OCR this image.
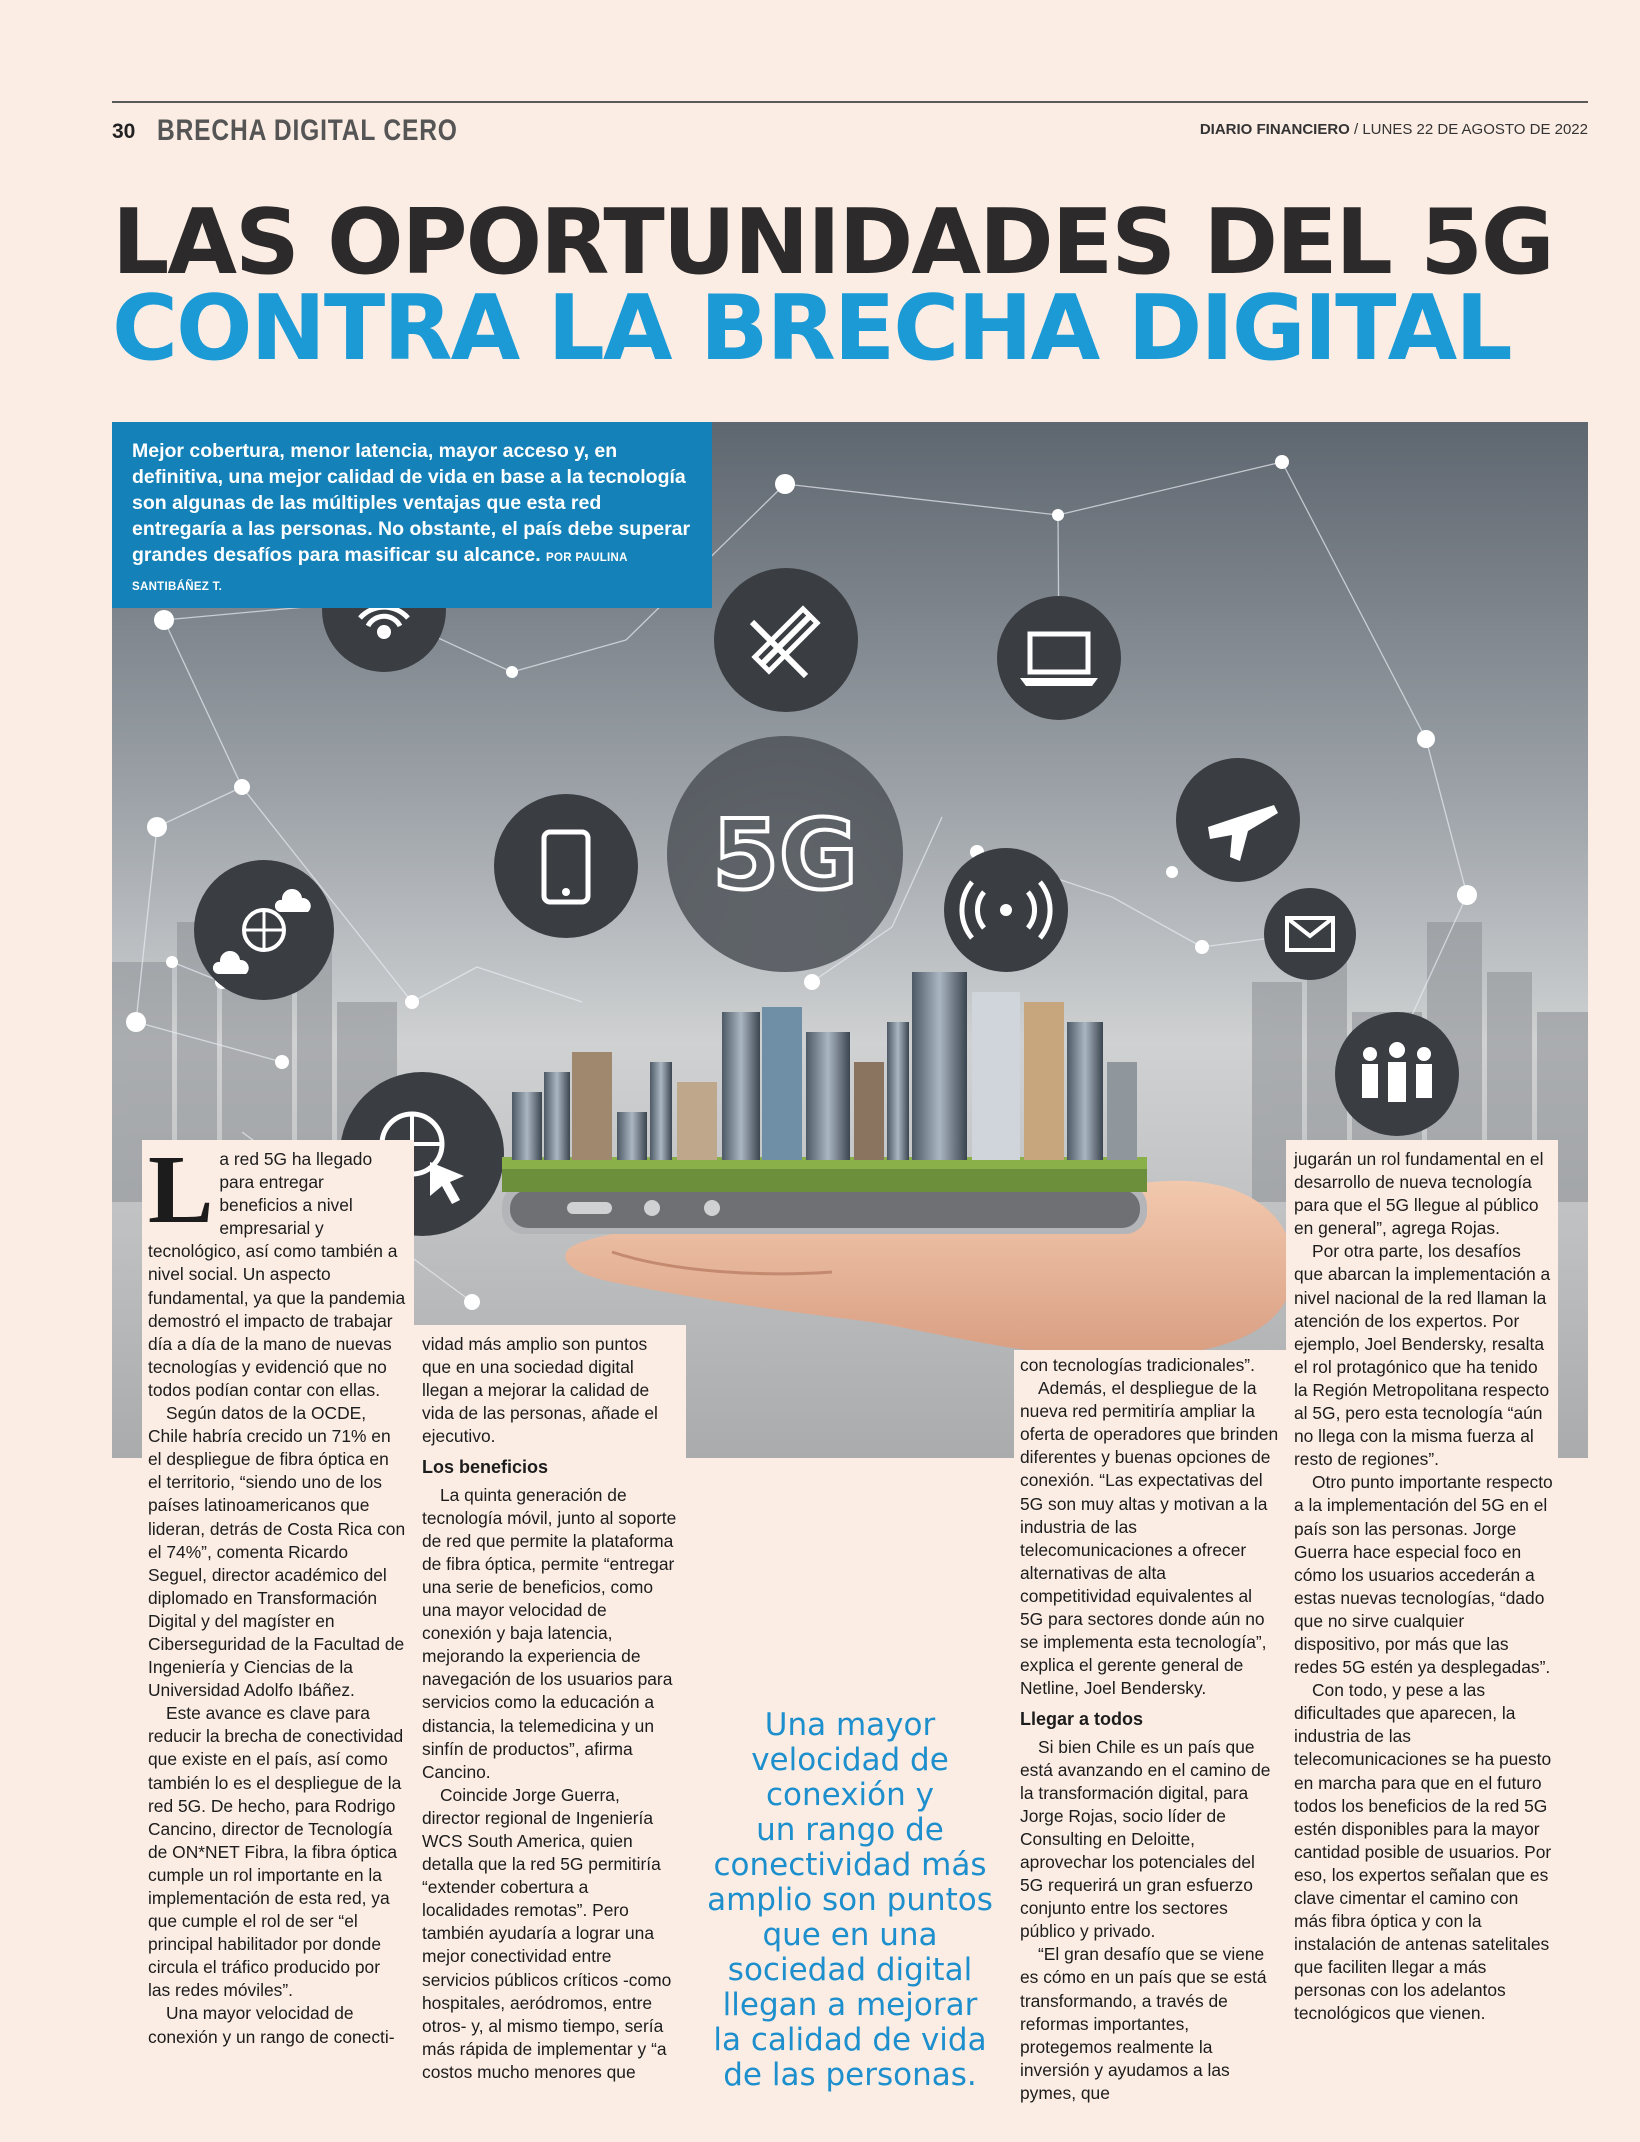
30 BRECHA DIGITAL CERO	DIARIO FINANCIERO / LUNES 22 DE AGOSTO DE 2022
LAS OPORTUNIDADES DEL 5G
CONTRA LA BRECHA DIGITAL
5G
Mejor cobertura, menor latencia, mayor acceso y, en definitiva, una mejor calidad de vida en base a la tecnología son algunas de las múltiples ventajas que esta red entregaría a las personas. No obstante, el país debe superar grandes desafíos para masificar su alcance. POR PAULINA SANTIBÁÑEZ T.

La red 5G ha llegado para entregar beneficios a nivel empresarial y tecnológico, así como también a nivel social. Un aspecto fundamental, ya que la pandemia demostró el impacto de trabajar día a día de la mano de nuevas tecnologías y evidenció que no todos podían contar con ellas.

Según datos de la OCDE, Chile habría crecido un 71% en el despliegue de fibra óptica en el territorio, “siendo uno de los países latinoamericanos que lideran, detrás de Costa Rica con el 74%”, comenta Ricardo Seguel, director académico del diplomado en Transformación Digital y del magíster en Ciberseguridad de la Facultad de Ingeniería y Ciencias de la Universidad Adolfo Ibáñez.

Este avance es clave para reducir la brecha de conectividad que existe en el país, así como también lo es el despliegue de la red 5G. De hecho, para Rodrigo Cancino, director de Tecnología de ON*NET Fibra, la fibra óptica cumple un rol importante en la implementación de esta red, ya que cumple el rol de ser “el principal habilitador por donde circula el tráfico producido por las redes móviles”.

Una mayor velocidad de conexión y un rango de conecti-

vidad más amplio son puntos que en una sociedad digital llegan a mejorar la calidad de vida de las personas, añade el ejecutivo.

Los beneficios

La quinta generación de tecnología móvil, junto al soporte de red que permite la plataforma de fibra óptica, permite “entregar una serie de beneficios, como una mayor velocidad de conexión y baja latencia, mejorando la experiencia de navegación de los usuarios para servicios como la educación a distancia, la telemedicina y un sinfín de productos”, afirma Cancino.

Coincide Jorge Guerra, director regional de Ingeniería WCS South America, quien detalla que la red 5G permitiría “extender cobertura a localidades remotas”. Pero también ayudaría a lograr una mejor conectividad entre servicios públicos críticos -como hospitales, aeródromos, entre otros- y, al mismo tiempo, sería más rápida de implementar y “a costos mucho menores que

Una mayor
velocidad de
conexión y
un rango de
conectividad más
amplio son puntos
que en una
sociedad digital
llegan a mejorar
la calidad de vida
de las personas.

con tecnologías tradicionales”.

Además, el despliegue de la nueva red permitiría ampliar la oferta de operadores que brinden diferentes y buenas opciones de conexión. “Las expectativas del 5G son muy altas y motivan a la industria de las telecomunicaciones a ofrecer alternativas de alta competitividad equivalentes al 5G para sectores donde aún no se implementa esta tecnología”, explica el gerente general de Netline, Joel Bendersky.

Llegar a todos

Si bien Chile es un país que está avanzando en el camino de la transformación digital, para Jorge Rojas, socio líder de Consulting en Deloitte, aprovechar los potenciales del 5G requerirá un gran esfuerzo conjunto entre los sectores público y privado.

“El gran desafío que se viene es cómo en un país que se está transformando, a través de reformas importantes, protegemos realmente la inversión y ayudamos a las pymes, que

jugarán un rol fundamental en el desarrollo de nueva tecnología para que el 5G llegue al público en general”, agrega Rojas.

Por otra parte, los desafíos que abarcan la implementación a nivel nacional de la red llaman la atención de los expertos. Por ejemplo, Joel Bendersky, resalta el rol protagónico que ha tenido la Región Metropolitana respecto al 5G, pero esta tecnología “aún no llega con la misma fuerza al resto de regiones”.

Otro punto importante respecto a la implementación del 5G en el país son las personas. Jorge Guerra hace especial foco en cómo los usuarios accederán a estas nuevas tecnologías, “dado que no sirve cualquier dispositivo, por más que las redes 5G estén ya desplegadas”.

Con todo, y pese a las dificultades que aparecen, la industria de las telecomunicaciones se ha puesto en marcha para que en el futuro todos los beneficios de la red 5G estén disponibles para la mayor cantidad posible de usuarios. Por eso, los expertos señalan que es clave cimentar el camino con más fibra óptica y con la instalación de antenas satelitales que faciliten llegar a más personas con los adelantos tecnológicos que vienen.
